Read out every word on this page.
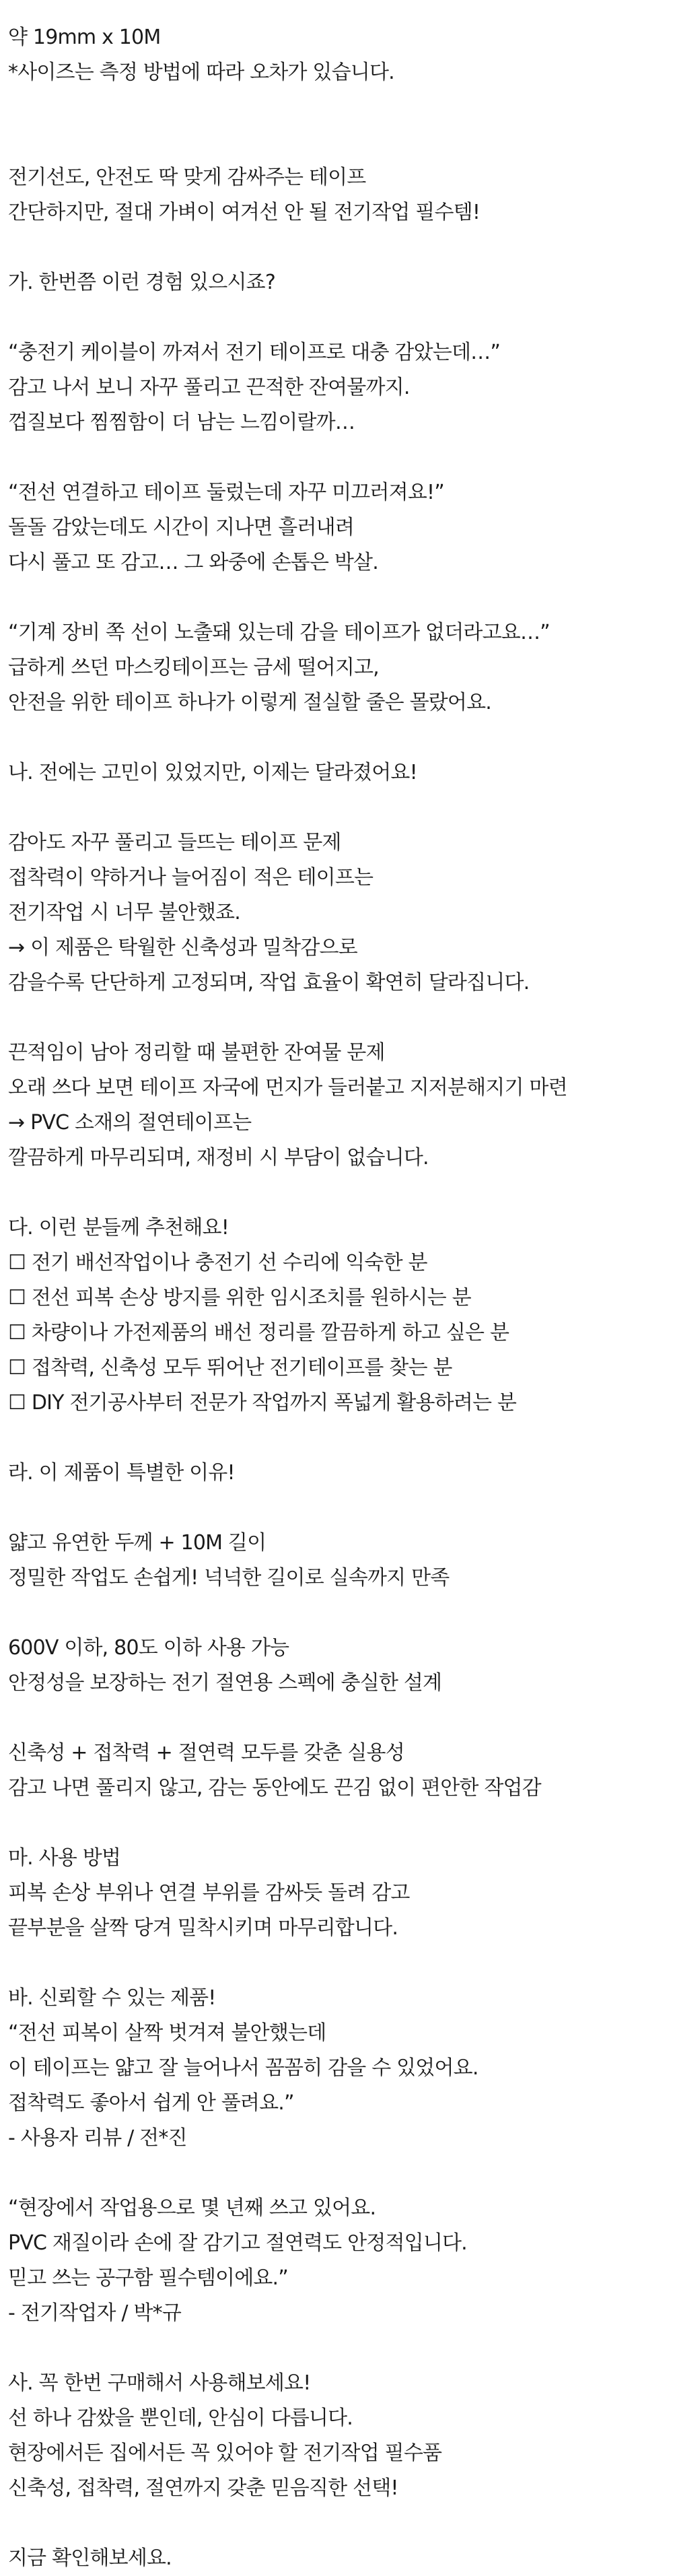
약 19mm x 10M
*사이즈는 측정 방법에 따라 오차가 있습니다.
전기선도, 안전도 딱 맞게 감싸주는 테이프
간단하지만, 절대 가벼이 여겨선 안 될 전기작업 필수템!
가. 한번쯤 이런 경험 있으시죠?
“충전기 케이블이 까져서 전기 테이프로 대충 감았는데…”
감고 나서 보니 자꾸 풀리고 끈적한 잔여물까지.
껍질보다 찜찜함이 더 남는 느낌이랄까…
“전선 연결하고 테이프 둘렀는데 자꾸 미끄러져요!”
돌돌 감았는데도 시간이 지나면 흘러내려
다시 풀고 또 감고… 그 와중에 손톱은 박살.
“기계 장비 쪽 선이 노출돼 있는데 감을 테이프가 없더라고요…”
급하게 쓰던 마스킹테이프는 금세 떨어지고,
안전을 위한 테이프 하나가 이렇게 절실할 줄은 몰랐어요.
나. 전에는 고민이 있었지만, 이제는 달라졌어요!
감아도 자꾸 풀리고 들뜨는 테이프 문제
접착력이 약하거나 늘어짐이 적은 테이프는
전기작업 시 너무 불안했죠.
→ 이 제품은 탁월한 신축성과 밀착감으로
감을수록 단단하게 고정되며, 작업 효율이 확연히 달라집니다.
끈적임이 남아 정리할 때 불편한 잔여물 문제
오래 쓰다 보면 테이프 자국에 먼지가 들러붙고 지저분해지기 마련
→ PVC 소재의 절연테이프는
깔끔하게 마무리되며, 재정비 시 부담이 없습니다.
다. 이런 분들께 추천해요!
☐ 전기 배선작업이나 충전기 선 수리에 익숙한 분
☐ 전선 피복 손상 방지를 위한 임시조치를 원하시는 분
☐ 차량이나 가전제품의 배선 정리를 깔끔하게 하고 싶은 분
☐ 접착력, 신축성 모두 뛰어난 전기테이프를 찾는 분
☐ DIY 전기공사부터 전문가 작업까지 폭넓게 활용하려는 분
라. 이 제품이 특별한 이유!
얇고 유연한 두께 + 10M 길이
정밀한 작업도 손쉽게! 넉넉한 길이로 실속까지 만족
600V 이하, 80도 이하 사용 가능
안정성을 보장하는 전기 절연용 스펙에 충실한 설계
신축성 + 접착력 + 절연력 모두를 갖춘 실용성
감고 나면 풀리지 않고, 감는 동안에도 끈김 없이 편안한 작업감
마. 사용 방법
피복 손상 부위나 연결 부위를 감싸듯 돌려 감고
끝부분을 살짝 당겨 밀착시키며 마무리합니다.
바. 신뢰할 수 있는 제품!
“전선 피복이 살짝 벗겨져 불안했는데
이 테이프는 얇고 잘 늘어나서 꼼꼼히 감을 수 있었어요.
접착력도 좋아서 쉽게 안 풀려요.”
- 사용자 리뷰 / 전*진
“현장에서 작업용으로 몇 년째 쓰고 있어요.
PVC 재질이라 손에 잘 감기고 절연력도 안정적입니다.
믿고 쓰는 공구함 필수템이에요.”
- 전기작업자 / 박*규
사. 꼭 한번 구매해서 사용해보세요!
선 하나 감쌌을 뿐인데, 안심이 다릅니다.
현장에서든 집에서든 꼭 있어야 할 전기작업 필수품
신축성, 접착력, 절연까지 갖춘 믿음직한 선택!
지금 확인해보세요.
